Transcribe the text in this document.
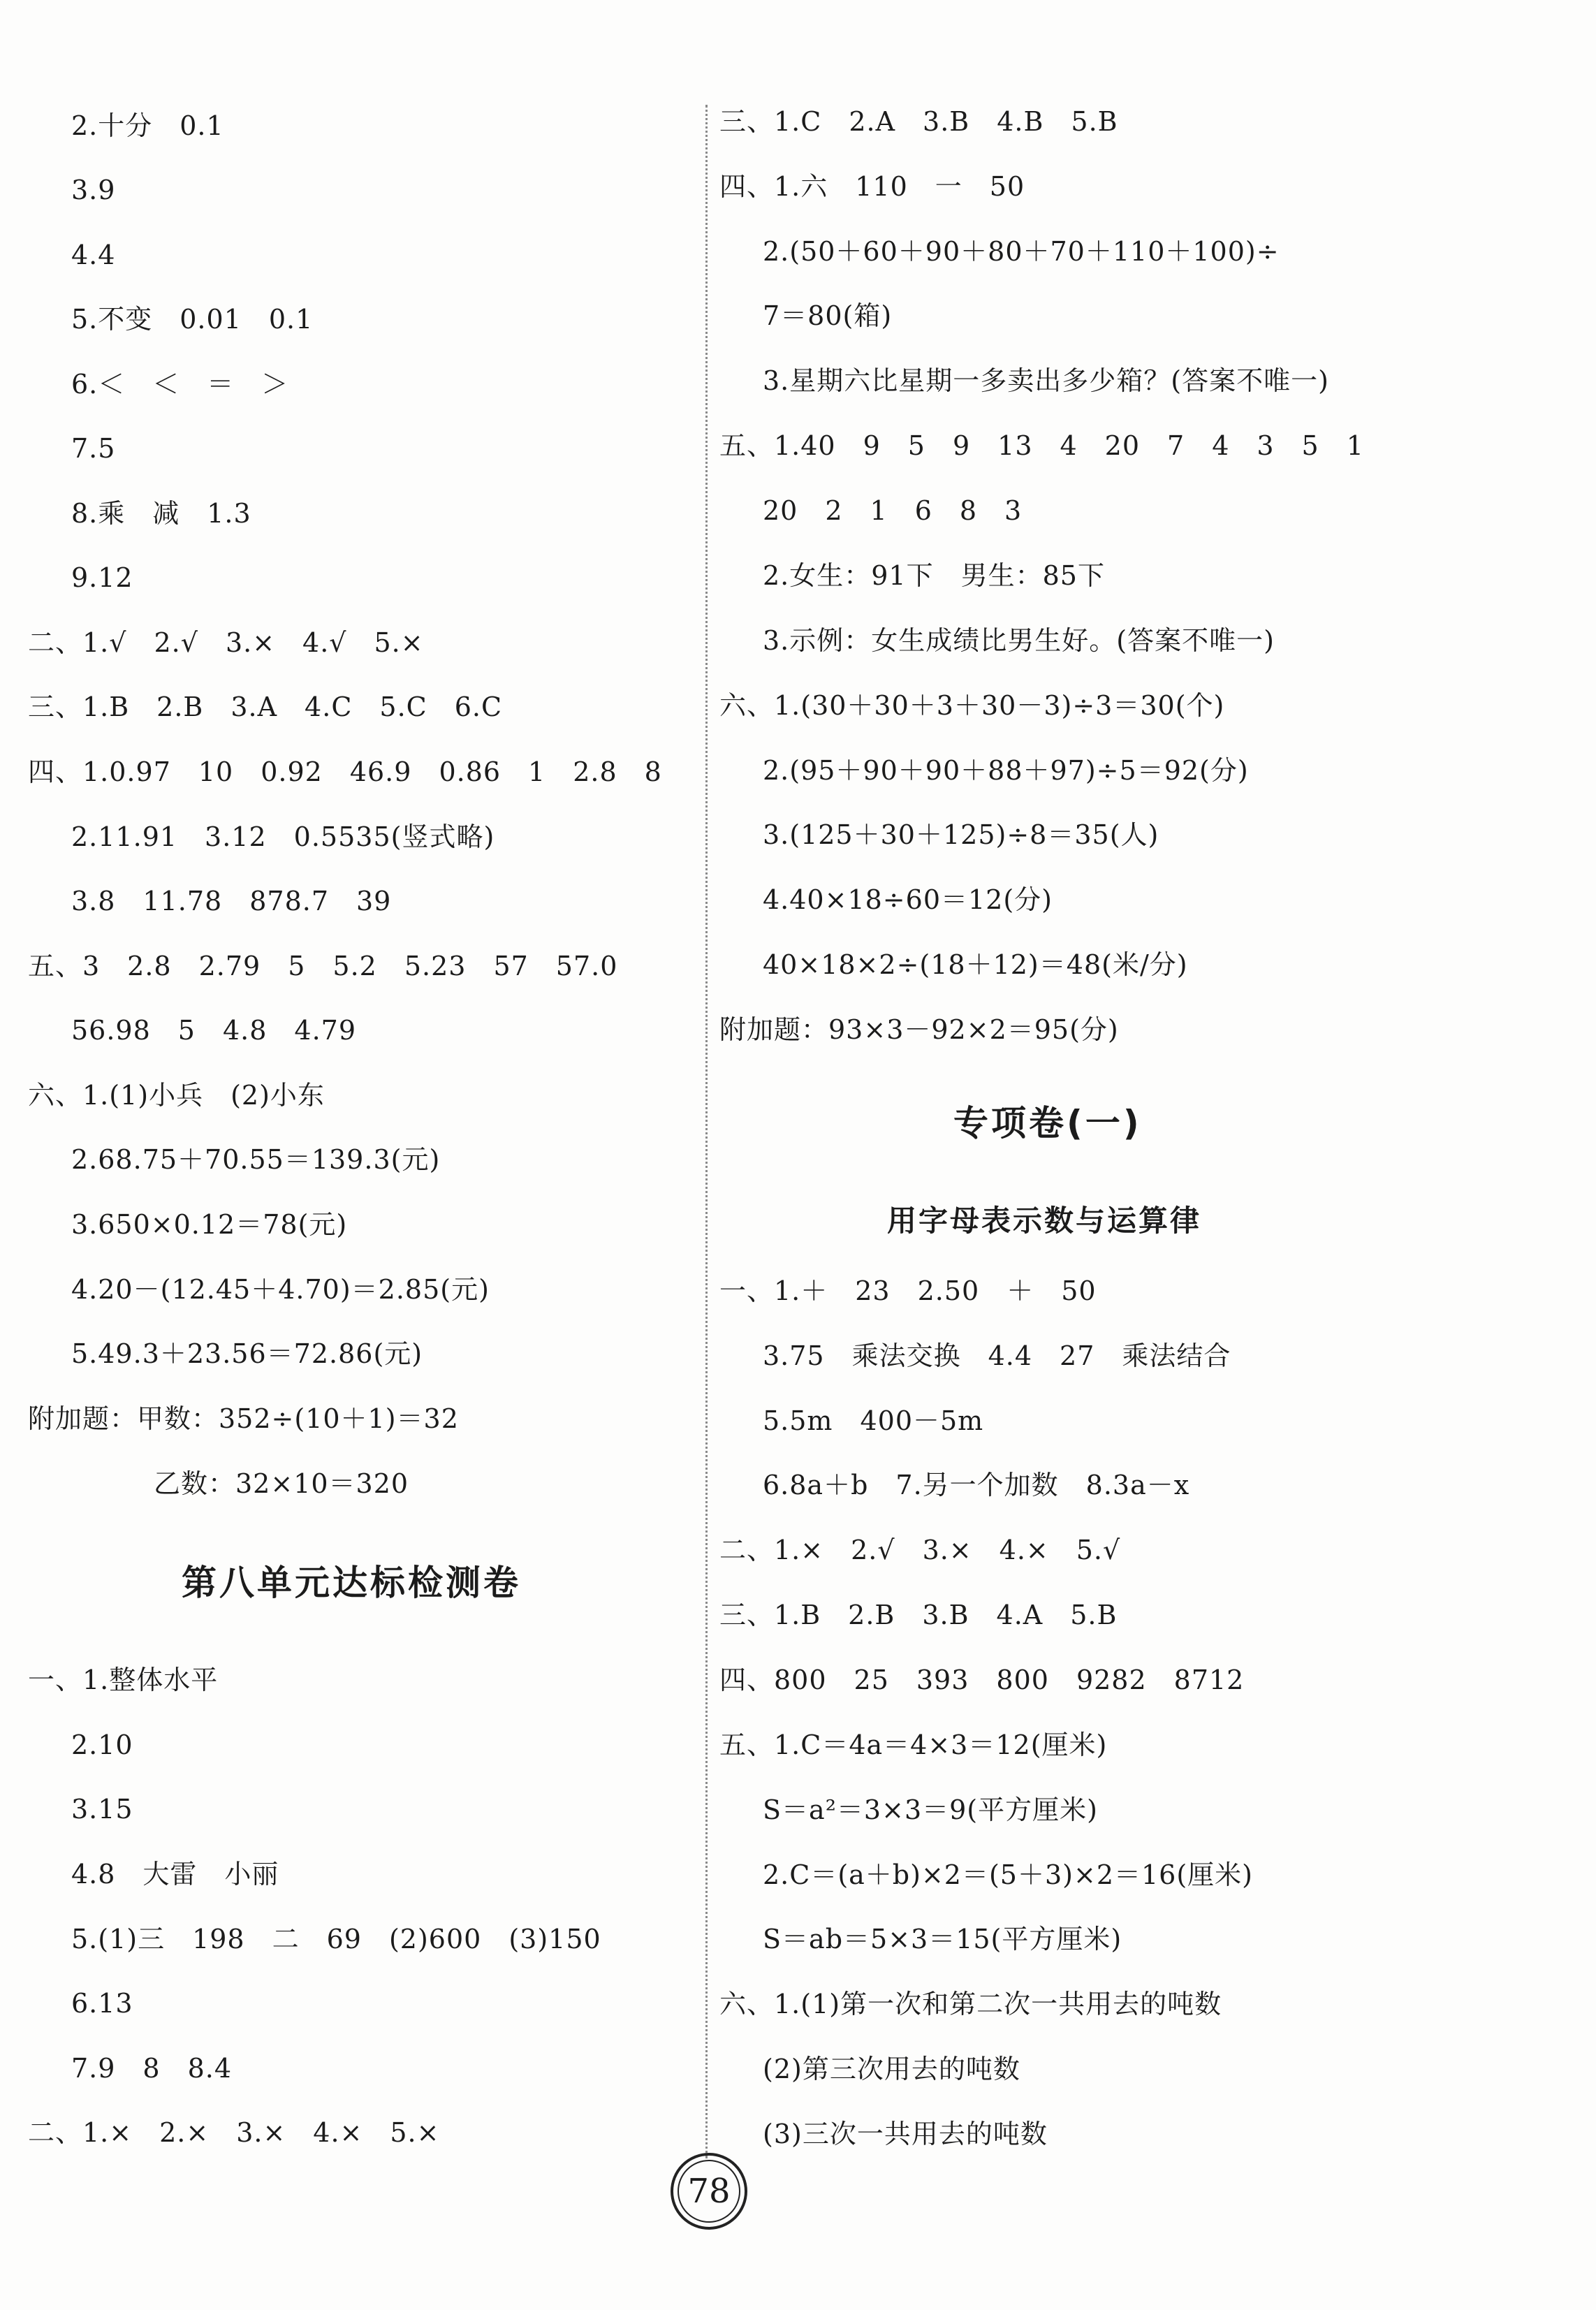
2.十分　0.1
3.9
4.4
5.不变　0.01　0.1
6.＜　＜　＝　＞
7.5
8.乘　减　1.3
9.12
二、1.√　2.√　3.×　4.√　5.×
三、1.B　2.B　3.A　4.C　5.C　6.C
四、1.0.97　10　0.92　46.9　0.86　1　2.8　8
2.11.91　3.12　0.5535(竖式略)
3.8　11.78　878.7　39
五、3　2.8　2.79　5　5.2　5.23　57　57.0
56.98　5　4.8　4.79
六、1.(1)小兵　(2)小东
2.68.75＋70.55＝139.3(元)
3.650×0.12＝78(元)
4.20－(12.45＋4.70)＝2.85(元)
5.49.3＋23.56＝72.86(元)
附加题：甲数：352÷(10＋1)＝32
乙数：32×10＝320
一、1.整体水平
2.10
3.15
4.8　大雷　小丽
5.(1)三　198　二　69　(2)600　(3)150
6.13
7.9　8　8.4
二、1.×　2.×　3.×　4.×　5.×
第八单元达标检测卷
三、1.C　2.A　3.B　4.B　5.B
四、1.六　110　一　50
2.(50＋60＋90＋80＋70＋110＋100)÷
7＝80(箱)
3.星期六比星期一多卖出多少箱？(答案不唯一)
五、1.40　9　5　9　13　4　20　7　4　3　5　1
20　2　1　6　8　3
2.女生：91下　男生：85下
3.示例：女生成绩比男生好。(答案不唯一)
六、1.(30＋30＋3＋30－3)÷3＝30(个)
2.(95＋90＋90＋88＋97)÷5＝92(分)
3.(125＋30＋125)÷8＝35(人)
4.40×18÷60＝12(分)
40×18×2÷(18＋12)＝48(米/分)
附加题：93×3－92×2＝95(分)
一、1.＋　23　2.50　＋　50
3.75　乘法交换　4.4　27　乘法结合
5.5m　400－5m
6.8a＋b　7.另一个加数　8.3a－x
二、1.×　2.√　3.×　4.×　5.√
三、1.B　2.B　3.B　4.A　5.B
四、800　25　393　800　9282　8712
五、1.C＝4a＝4×3＝12(厘米)
S＝a²＝3×3＝9(平方厘米)
2.C＝(a＋b)×2＝(5＋3)×2＝16(厘米)
S＝ab＝5×3＝15(平方厘米)
六、1.(1)第一次和第二次一共用去的吨数
(2)第三次用去的吨数
(3)三次一共用去的吨数
专项卷(一)
用字母表示数与运算律
78
